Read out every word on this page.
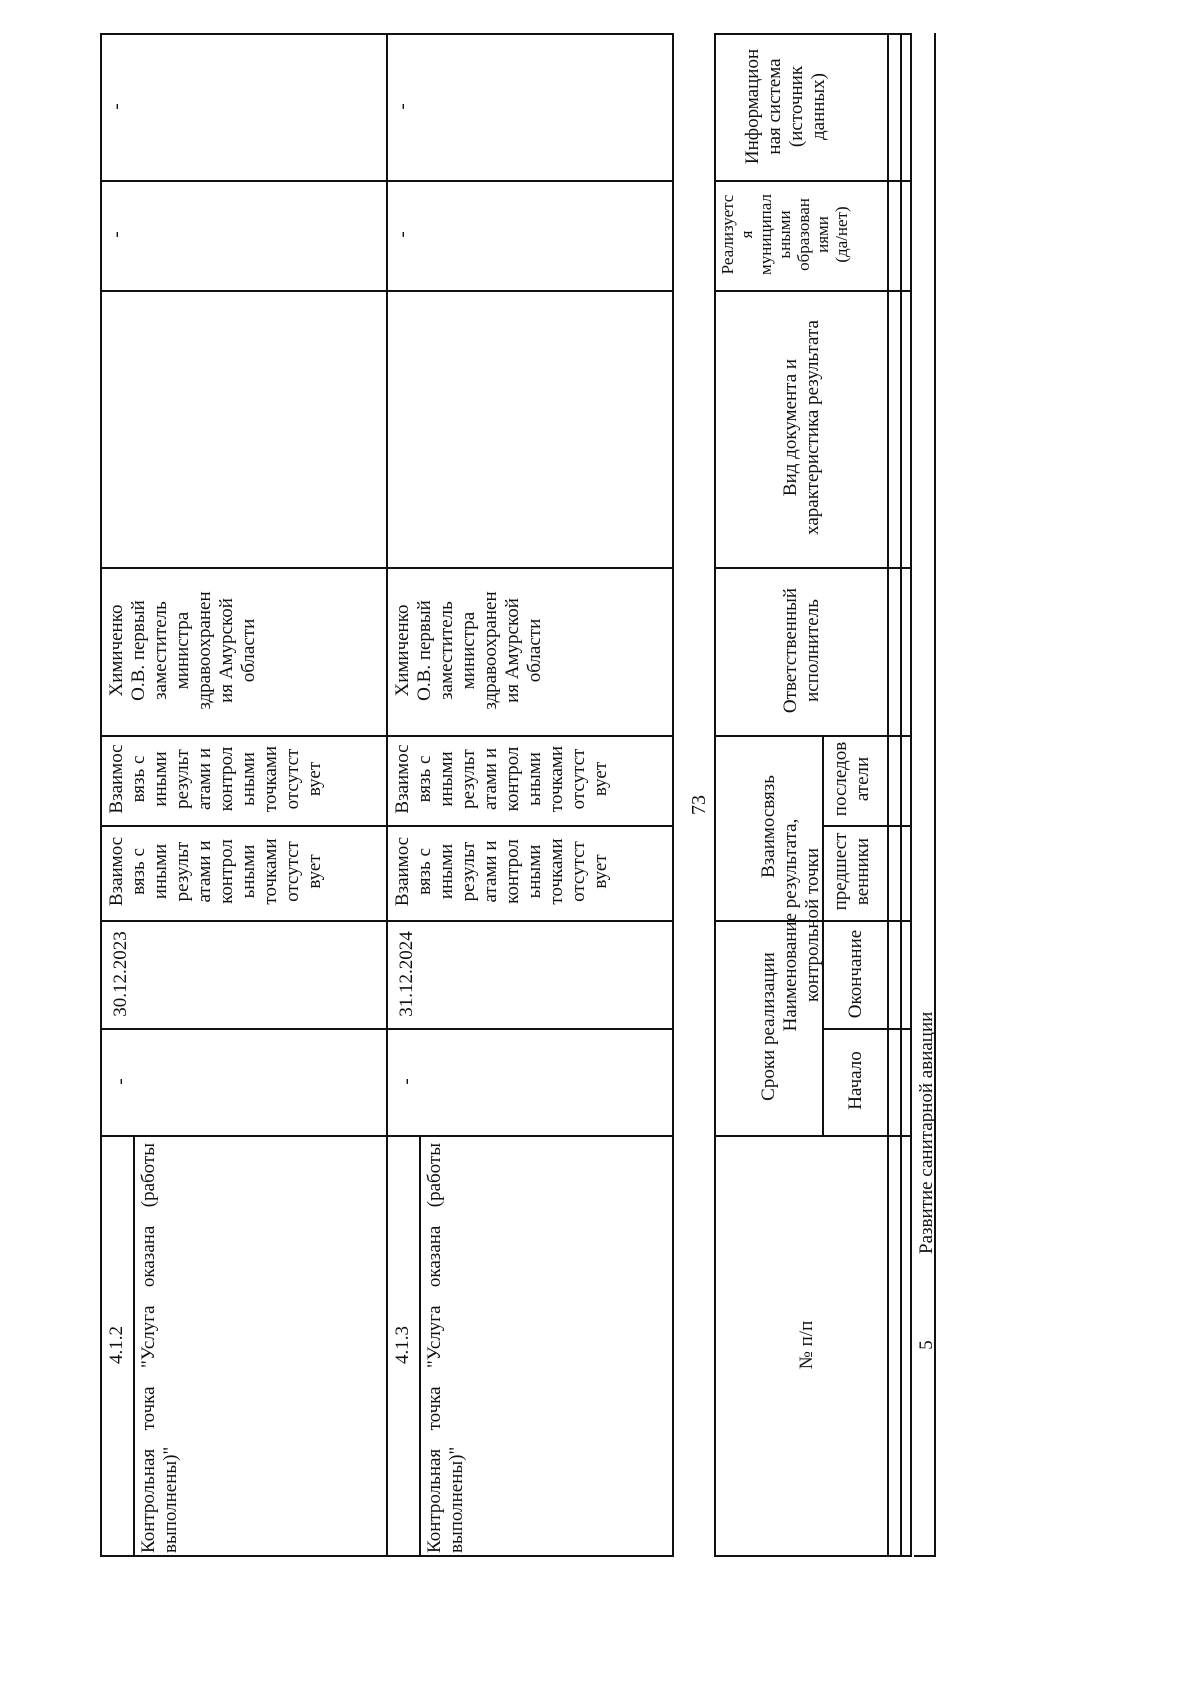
4.1.2 Контрольная точка "Услуга оказана (работы выполнены)"
-
30.12.2023
Взаимос
вязь с
иными
результ
атами и
контрол
ьными
точками
отсутст
вует
Взаимос
вязь с
иными
результ
атами и
контрол
ьными
точками
отсутст
вует
Химиченко
О.В. первый
заместитель
министра
здравоохранен
ия Амурской
области
-
-
4.1.3 Контрольная точка "Услуга оказана (работы выполнены)"
-
31.12.2024
Взаимос
вязь с
иными
результ
атами и
контрол
ьными
точками
отсутст
вует
Взаимос
вязь с
иными
результ
атами и
контрол
ьными
точками
отсутст
вует
Химиченко
О.В. первый
заместитель
министра
здравоохранен
ия Амурской
области
-
-
73
№ п/п
Наименование результата,
контрольной точки
Сроки реализации	Начало
Окончание
Взаимосвязь	предшест
венники
последов
атели
Ответственный
исполнитель
Вид документа и
характеристика результата
Реализуетс
я
муниципал
ьными
образован
иями
(да/нет)
Информацион
ная система
(источник
данных)
5
Развитие санитарной авиации
